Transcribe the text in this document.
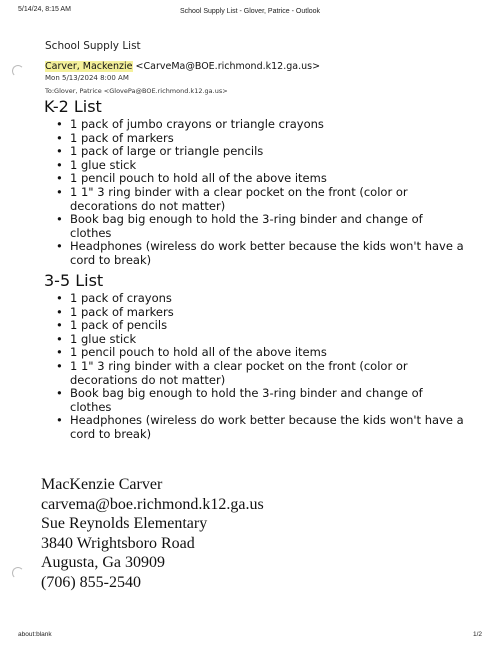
5/14/24, 8:15 AM	School Supply List - Glover, Patrice - Outlook
School Supply List
Carver, Mackenzie <CarveMa@BOE.richmond.k12.ga.us>
Mon 5/13/2024 8:00 AM
To:Glover, Patrice <GlovePa@BOE.richmond.k12.ga.us>
K-2 List
• 1 pack of jumbo crayons or triangle crayons
• 1 pack of markers
• 1 pack of large or triangle pencils
• 1 glue stick
• 1 pencil pouch to hold all of the above items
• 1 1" 3 ring binder with a clear pocket on the front (color or decorations do not matter)
• Book bag big enough to hold the 3-ring binder and change of clothes
• Headphones (wireless do work better because the kids won't have a cord to break)
3-5 List
• 1 pack of crayons
• 1 pack of markers
• 1 pack of pencils
• 1 glue stick
• 1 pencil pouch to hold all of the above items
• 1 1" 3 ring binder with a clear pocket on the front (color or decorations do not matter)
• Book bag big enough to hold the 3-ring binder and change of clothes
• Headphones (wireless do work better because the kids won't have a cord to break)
MacKenzie Carver
carvema@boe.richmond.k12.ga.us
Sue Reynolds Elementary
3840 Wrightsboro Road
Augusta, Ga 30909
(706) 855-2540
about:blank	1/2
